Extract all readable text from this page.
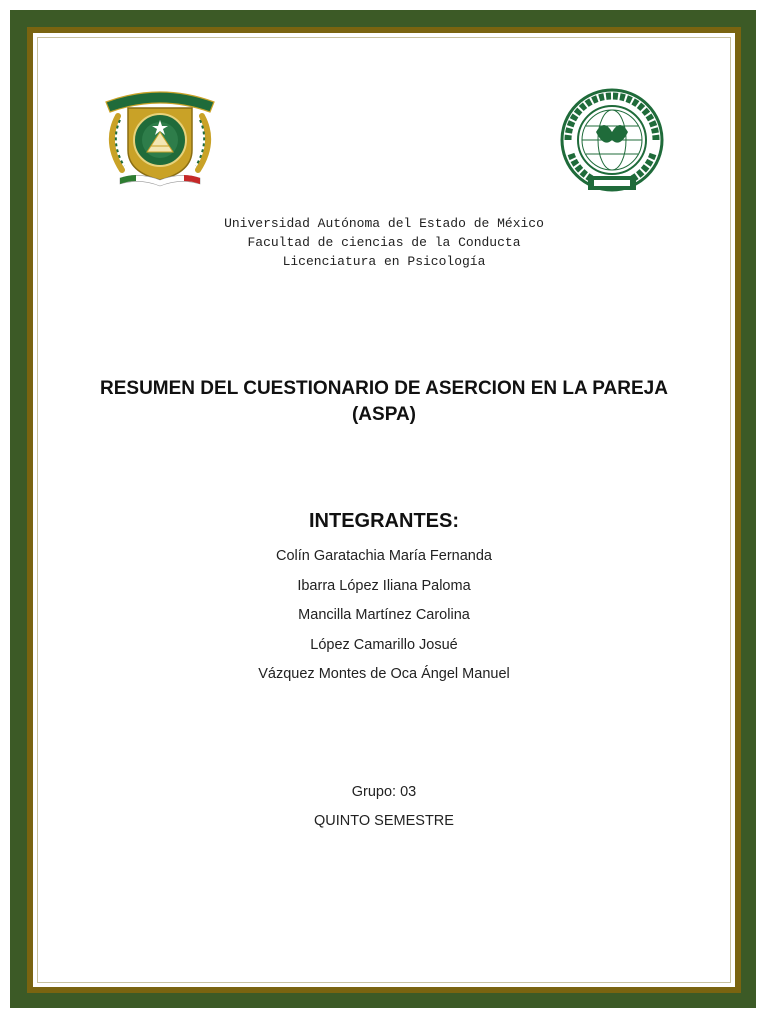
Universidad Autónoma del Estado de México
Facultad de ciencias de la Conducta
Licenciatura en Psicología
RESUMEN DEL CUESTIONARIO DE ASERCION EN LA PAREJA
(ASPA)
INTEGRANTES:
Colín Garatachia María Fernanda
Ibarra López Iliana Paloma
Mancilla Martínez Carolina
López Camarillo Josué
Vázquez Montes de Oca Ángel Manuel
Grupo: 03
QUINTO SEMESTRE
